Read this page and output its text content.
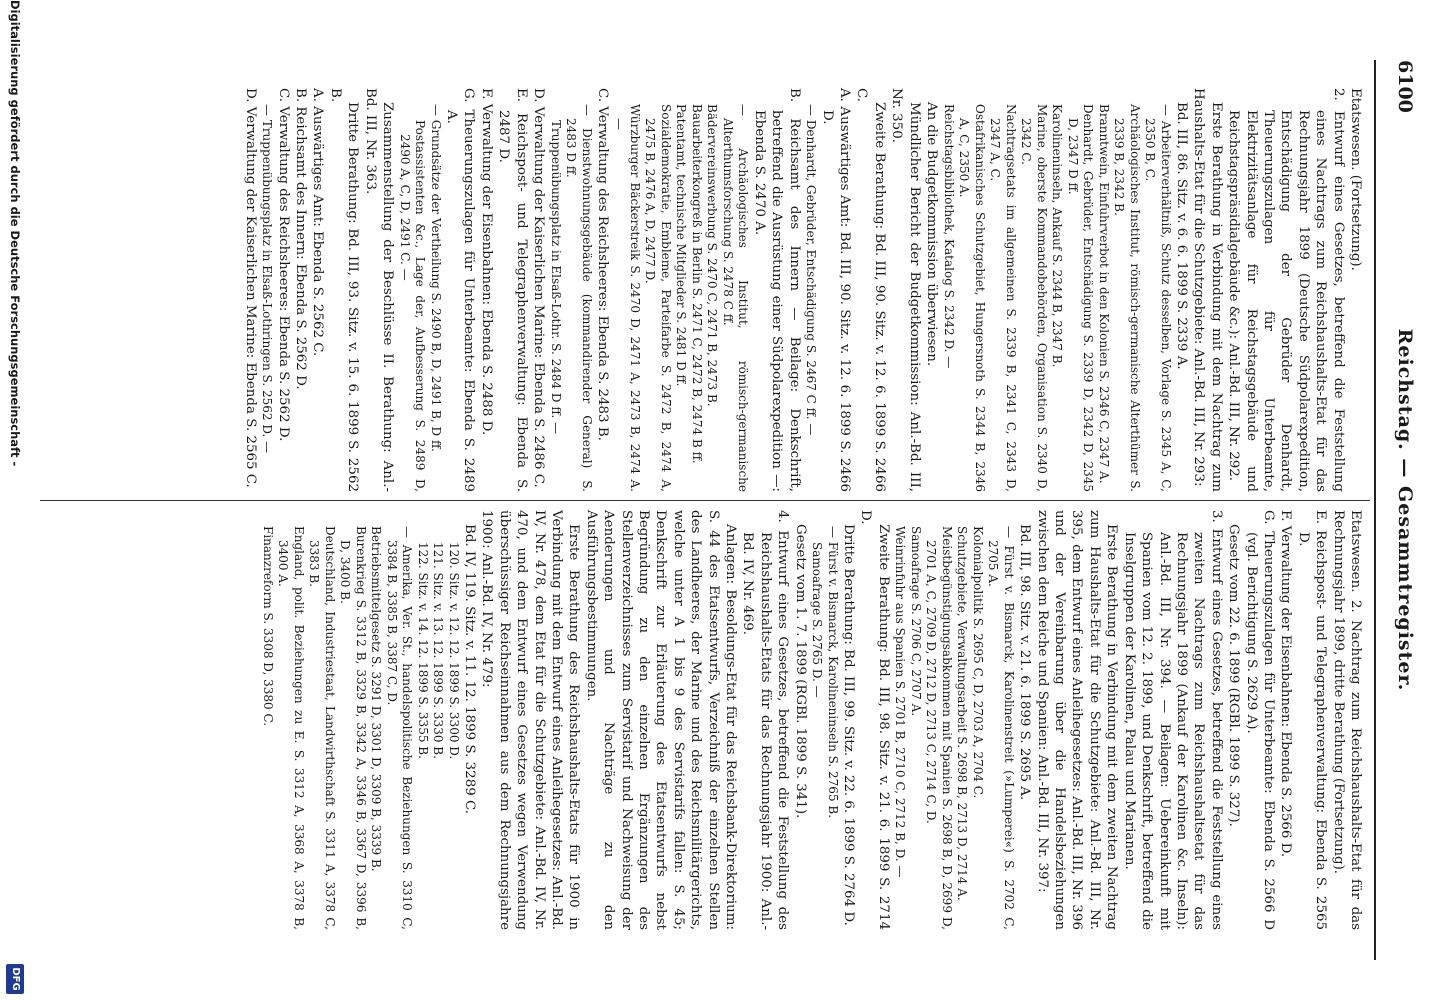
6100
Reichstag. — Gesammtregister.

Etatswesen. (Fortsetzung).

2. Entwurf eines Gesetzes, betreffend die Feststellung eines Nachtrags zum Reichshaushalts-Etat für das Rechnungsjahr 1899 (Deutsche Südpolarexpedition, Entschädigung der Gebrüder Denhardt, Theuerungszulagen für Unterbeamte, Elektrizitätsanlage für Reichstagsgebäude und Reichstagspräsidialgebäude &c.): Anl.-Bd. III, Nr. 292.

Erste Berathung in Verbindung mit dem Nachtrag zum Haushalts-Etat für die Schutzgebiete: Anl.-Bd. III, Nr. 293:

Bd. III, 86. Sitz. v. 6. 6. 1899 S. 2339 A.

— Arbeiterverhältniß, Schutz desselben, Vorlage S. 2345 A, C, 2350 B, C.

Archäologisches Institut, römisch-germanische Alterthümer S. 2339 B, 2342 B.

Branntwein, Einfuhrverbot in den Kolonien S. 2346 C, 2347 A.

Denhardt, Gebrüder, Entschädigung S. 2339 D, 2342 D, 2345 D, 2347 D ff.

Karolineninseln, Ankauf S. 2344 B, 2347 B.

Marine, oberste Kommandobehörden, Organisation S. 2340 D, 2342 C.

Nachtragsetats im allgemeinen S. 2339 B, 2341 C, 2343 D, 2347 A, C.

Ostafrikanisches Schutzgebiet, Hungersnoth S. 2344 B, 2346 A, C, 2350 A.

Reichstagsbibliothek, Katalog S. 2342 D. —

An die Budgetkommission überwiesen.

Mündlicher Bericht der Budgetkommission: Anl.-Bd. III, Nr. 350.

Zweite Berathung: Bd. III, 90. Sitz. v. 12. 6. 1899 S. 2466 C.

A. Auswärtiges Amt: Bd. III, 90. Sitz. v. 12. 6. 1899 S. 2466 D.

— Denhardt, Gebrüder, Entschädigung S. 2467 C ff. —

B. Reichsamt des Innern — Beilage: Denkschrift, betreffend die Ausrüstung einer Südpolarexpedition —: Ebenda S. 2470 A.

— Archäologisches Institut, römisch-germanische Alterthumsforschung S. 2478 C ff.

Bädervereinswerbung S. 2470 C, 2471 B, 2473 B.

Bauarbeiterkongreß in Berlin S. 2471 C, 2472 B, 2474 B ff.

Patentamt, technische Mitglieder S. 2481 D ff.

Sozialdemokratie, Embleme, Parteifarbe S. 2472 B, 2474 A, 2475 B, 2476 A, D, 2477 D.

Würzburger Bäckerstreik S. 2470 D, 2471 A, 2473 B, 2474 A. —

C. Verwaltung des Reichsheeres: Ebenda S. 2483 B.

— Dienstwohnungsgebäude (kommandirender General) S. 2483 D ff.

Truppenübungsplatz in Elsaß-Lothr. S. 2484 D ff. —

D. Verwaltung der Kaiserlichen Marine: Ebenda S. 2486 C.

E. Reichspost- und Telegraphenverwaltung: Ebenda S. 2487 D.

F. Verwaltung der Eisenbahnen: Ebenda S. 2488 D.

G. Theuerungszulagen für Unterbeamte: Ebenda S. 2489 A.

— Grundsätze der Vertheilung S. 2490 B, D, 2491 B, D ff.

Postassistenten &c., Lage der, Aufbesserung S. 2489 D, 2490 A, C, D, 2491 C. —

Zusammenstellung der Beschlüsse II. Berathung: Anl.-Bd. III, Nr. 363.

Dritte Berathung: Bd. III, 93. Sitz. v. 15. 6. 1899 S. 2562 B.

A. Auswärtiges Amt: Ebenda S. 2562 C.

B. Reichsamt des Innern: Ebenda S. 2562 D.

C. Verwaltung des Reichsheeres: Ebenda S. 2562 D.

— Truppenübungsplatz in Elsaß-Lothringen S. 2562 D. —

D. Verwaltung der Kaiserlichen Marine: Ebenda S. 2565 C.

Etatswesen. 2. Nachtrag zum Reichshaushalts-Etat für das Rechnungsjahr 1899, dritte Berathung (Fortsetzung).

E. Reichspost- und Telegraphenverwaltung: Ebenda S. 2565 D.

F. Verwaltung der Eisenbahnen: Ebenda S. 2566 D.

G. Theuerungszulagen für Unterbeamte: Ebenda S. 2566 D (vgl. Berichtigung S. 2629 A).

Gesetz vom 22. 6. 1899 (RGBl. 1899 S. 327).

3. Entwurf eines Gesetzes, betreffend die Feststellung eines zweiten Nachtrags zum Reichshaushaltsetat für das Rechnungsjahr 1899 (Ankauf der Karolinen &c. Inseln): Anl.-Bd. III, Nr. 394. — Beilagen: Uebereinkunft mit Spanien vom 12. 2. 1899, und Denkschrift, betreffend die Inselgruppen der Karolinen, Palau und Marianen.

Erste Berathung in Verbindung mit dem zweiten Nachtrag zum Haushalts-Etat für die Schutzgebiete: Anl.-Bd. III, Nr. 395, dem Entwurf eines Anleihegesetzes: Anl.-Bd. III, Nr. 396 und der Vereinbarung über die Handelsbeziehungen zwischen dem Reiche und Spanien: Anl.-Bd. III, Nr. 397:

Bd. III, 98. Sitz. v. 21. 6. 1899 S. 2695 A.

— Fürst v. Bismarck, Karolinenstreit (»Lumperei«) S. 2702 C, 2705 A.

Kolonialpolitik S. 2695 C, D, 2703 A, 2704 C.

Schutzgebiete, Verwaltungsarbeit S. 2698 B, 2713 D, 2714 A.

Meistbegünstigungsabkommen mit Spanien S. 2698 B, D, 2699 D, 2701 A, C, 2709 D, 2712 D, 2713 C, 2714 C, D.

Samoafrage S. 2706 C, 2707 A.

Weinrinfuhr aus Spanien S. 2701 B, 2710 C, 2712 B, D. —

Zweite Berathung: Bd. III, 98. Sitz. v. 21. 6. 1899 S. 2714 D.

Dritte Berathung: Bd. III, 99. Sitz. v. 22. 6. 1899 S. 2764 D.

— Fürst v. Bismarck, Karolineninseln S. 2765 B.

Samoafrage S. 2765 D. —

Gesetz vom 1. 7. 1899 (RGBl. 1899 S. 341).

4. Entwurf eines Gesetzes, betreffend die Feststellung des Reichshaushalts-Etats für das Rechnungsjahr 1900: Anl.-Bd. IV, Nr. 469.

Anlagen: Besoldungs-Etat für das Reichsbank-Direktorium: S. 44 des Etatsentwurfs, Verzeichniß der einzelnen Stellen des Landheeres, der Marine und des Reichsmilitärgerichts, welche unter A 1 bis 9 des Servistarifs fallen: S. 45; Denkschrift zur Erläuterung des Etatsentwurfs nebst Begründung zu den einzelnen Ergänzungen des Stellenverzeichnisses zum Servistarif und Nachweisung der Aenderungen und Nachträge zu den Ausführungsbestimmungen.

Erste Berathung des Reichshaushalts-Etats für 1900 in Verbindung mit dem Entwurf eines Anleihegesetzes: Anl.-Bd. IV, Nr. 478, dem Etat für die Schutzgebiete: Anl.-Bd. IV, Nr. 470, und dem Entwurf eines Gesetzes wegen Verwendung überschüssiger Reichseinnahmen aus dem Rechnungsjahre 1900: Anl.-Bd. IV, Nr. 479:

Bd. IV, 119. Sitz. v. 11. 12. 1899 S. 3289 C.

120. Sitz. v. 12. 12. 1899 S. 3300 D.

121. Sitz. v. 13. 12. 1899 S. 3330 B.

122. Sitz. v. 14. 12. 1899 S. 3355 B.

— Amerika, Ver. St., handelspolitische Beziehungen S. 3310 C, 3384 B, 3385 B, 3387 C, D.

Betriebsmittelgesetz S. 3291 D, 3301 D, 3309 B, 3339 B.

Burenkrieg S. 3312 B, 3329 B, 3342 A, 3346 B, 3367 D, 3396 B, D, 3400 B.

Deutschland, Industriestaat, Landwirthschaft S. 3311 A, 3378 C, 3383 B.

England, polit. Beziehungen zu E. S. 3312 A, 3368 A, 3378 B, 3400 A.

Finanzreform S. 3308 D, 3380 C.

Digitalisierung gefördert durch die Deutsche Forschungsgemeinschaft -
DFG
